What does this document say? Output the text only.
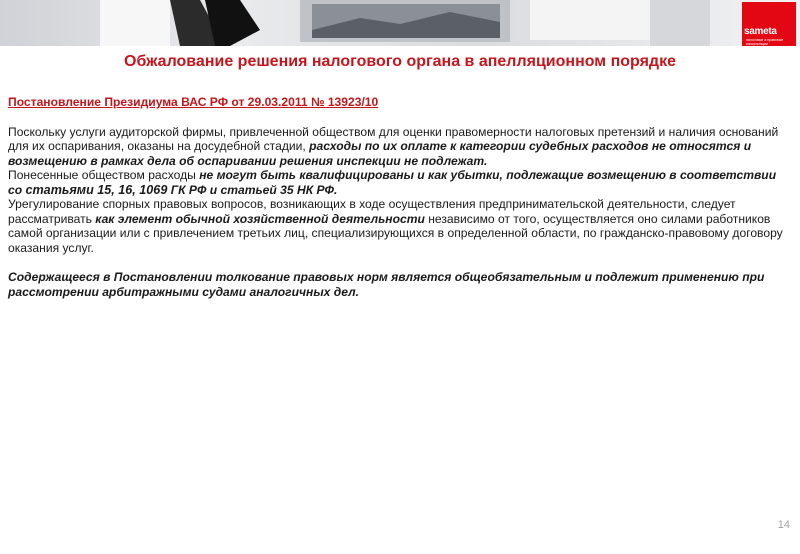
sameta
налоговые и правовые консультации
Обжалование решения налогового органа в апелляционном порядке

Постановление Президиума ВАС РФ от 29.03.2011 № 13923/10

Поскольку услуги аудиторской фирмы, привлеченной обществом для оценки правомерности налоговых претензий и наличия оснований для их оспаривания, оказаны на досудебной стадии, расходы по их оплате к категории судебных расходов не относятся и возмещению в рамках дела об оспаривании решения инспекции не подлежат.

Понесенные обществом расходы не могут быть квалифицированы и как убытки, подлежащие возмещению в соответствии со статьями 15, 16, 1069 ГК РФ и статьей 35 НК РФ.

Урегулирование спорных правовых вопросов, возникающих в ходе осуществления предпринимательской деятельности, следует рассматривать как элемент обычной хозяйственной деятельности независимо от того, осуществляется оно силами работников самой организации или с привлечением третьих лиц, специализирующихся в определенной области, по гражданско-правовому договору оказания услуг.

Содержащееся в Постановлении толкование правовых норм является общеобязательным и подлежит применению при рассмотрении арбитражными судами аналогичных дел.

14
